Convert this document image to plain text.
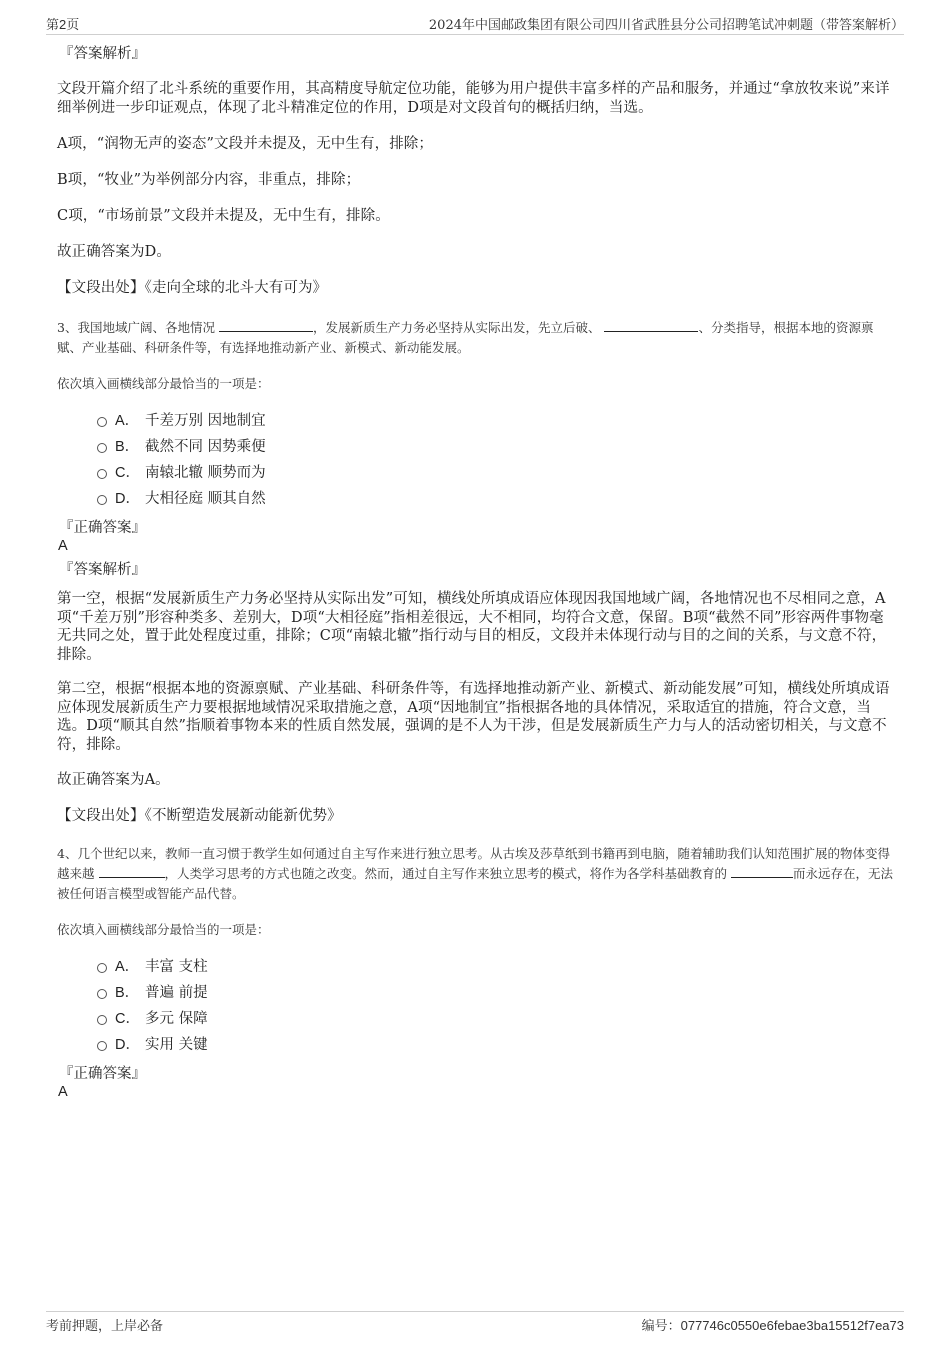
第2页	2024年中国邮政集团有限公司四川省武胜县分公司招聘笔试冲刺题（带答案解析）
『答案解析』

文段开篇介绍了北斗系统的重要作用，其高精度导航定位功能，能够为用户提供丰富多样的产品和服务，并通过“拿放牧来说”来详细举例进一步印证观点，体现了北斗精准定位的作用，D项是对文段首句的概括归纳，当选。

A项，“润物无声的姿态”文段并未提及，无中生有，排除；

B项，“牧业”为举例部分内容，非重点，排除；

C项，“市场前景”文段并未提及，无中生有，排除。

故正确答案为D。

【文段出处】《走向全球的北斗大有可为》

3、我国地域广阔、各地情况	，发展新质生产力务必坚持从实际出发，先立后破、	、分类指导，根据本地的资源禀赋、产业基础、科研条件等，有选择地推动新产业、新模式、新动能发展。

依次填入画横线部分最恰当的一项是：

A． 千差万别 因地制宜
B． 截然不同 因势乘便
C． 南辕北辙 顺势而为
D． 大相径庭 顺其自然
『正确答案』
A
『答案解析』

第一空，根据“发展新质生产力务必坚持从实际出发”可知，横线处所填成语应体现因我国地域广阔，各地情况也不尽相同之意，A项“千差万别”形容种类多、差别大，D项“大相径庭”指相差很远，大不相同，均符合文意，保留。B项“截然不同”形容两件事物毫无共同之处，置于此处程度过重，排除；C项“南辕北辙”指行动与目的相反，文段并未体现行动与目的之间的关系，与文意不符，排除。

第二空，根据“根据本地的资源禀赋、产业基础、科研条件等，有选择地推动新产业、新模式、新动能发展”可知，横线处所填成语应体现发展新质生产力要根据地域情况采取措施之意，A项“因地制宜”指根据各地的具体情况，采取适宜的措施，符合文意，当选。D项“顺其自然”指顺着事物本来的性质自然发展，强调的是不人为干涉，但是发展新质生产力与人的活动密切相关，与文意不符，排除。

故正确答案为A。

【文段出处】《不断塑造发展新动能新优势》

4、几个世纪以来，教师一直习惯于教学生如何通过自主写作来进行独立思考。从古埃及莎草纸到书籍再到电脑，随着辅助我们认知范围扩展的物体变得越来越	，人类学习思考的方式也随之改变。然而，通过自主写作来独立思考的模式，将作为各学科基础教育的	而永远存在，无法被任何语言模型或智能产品代替。

依次填入画横线部分最恰当的一项是：

A． 丰富 支柱
B． 普遍 前提
C． 多元 保障
D． 实用 关键
『正确答案』
A
考前押题，上岸必备	编号：077746c0550e6febae3ba15512f7ea73
